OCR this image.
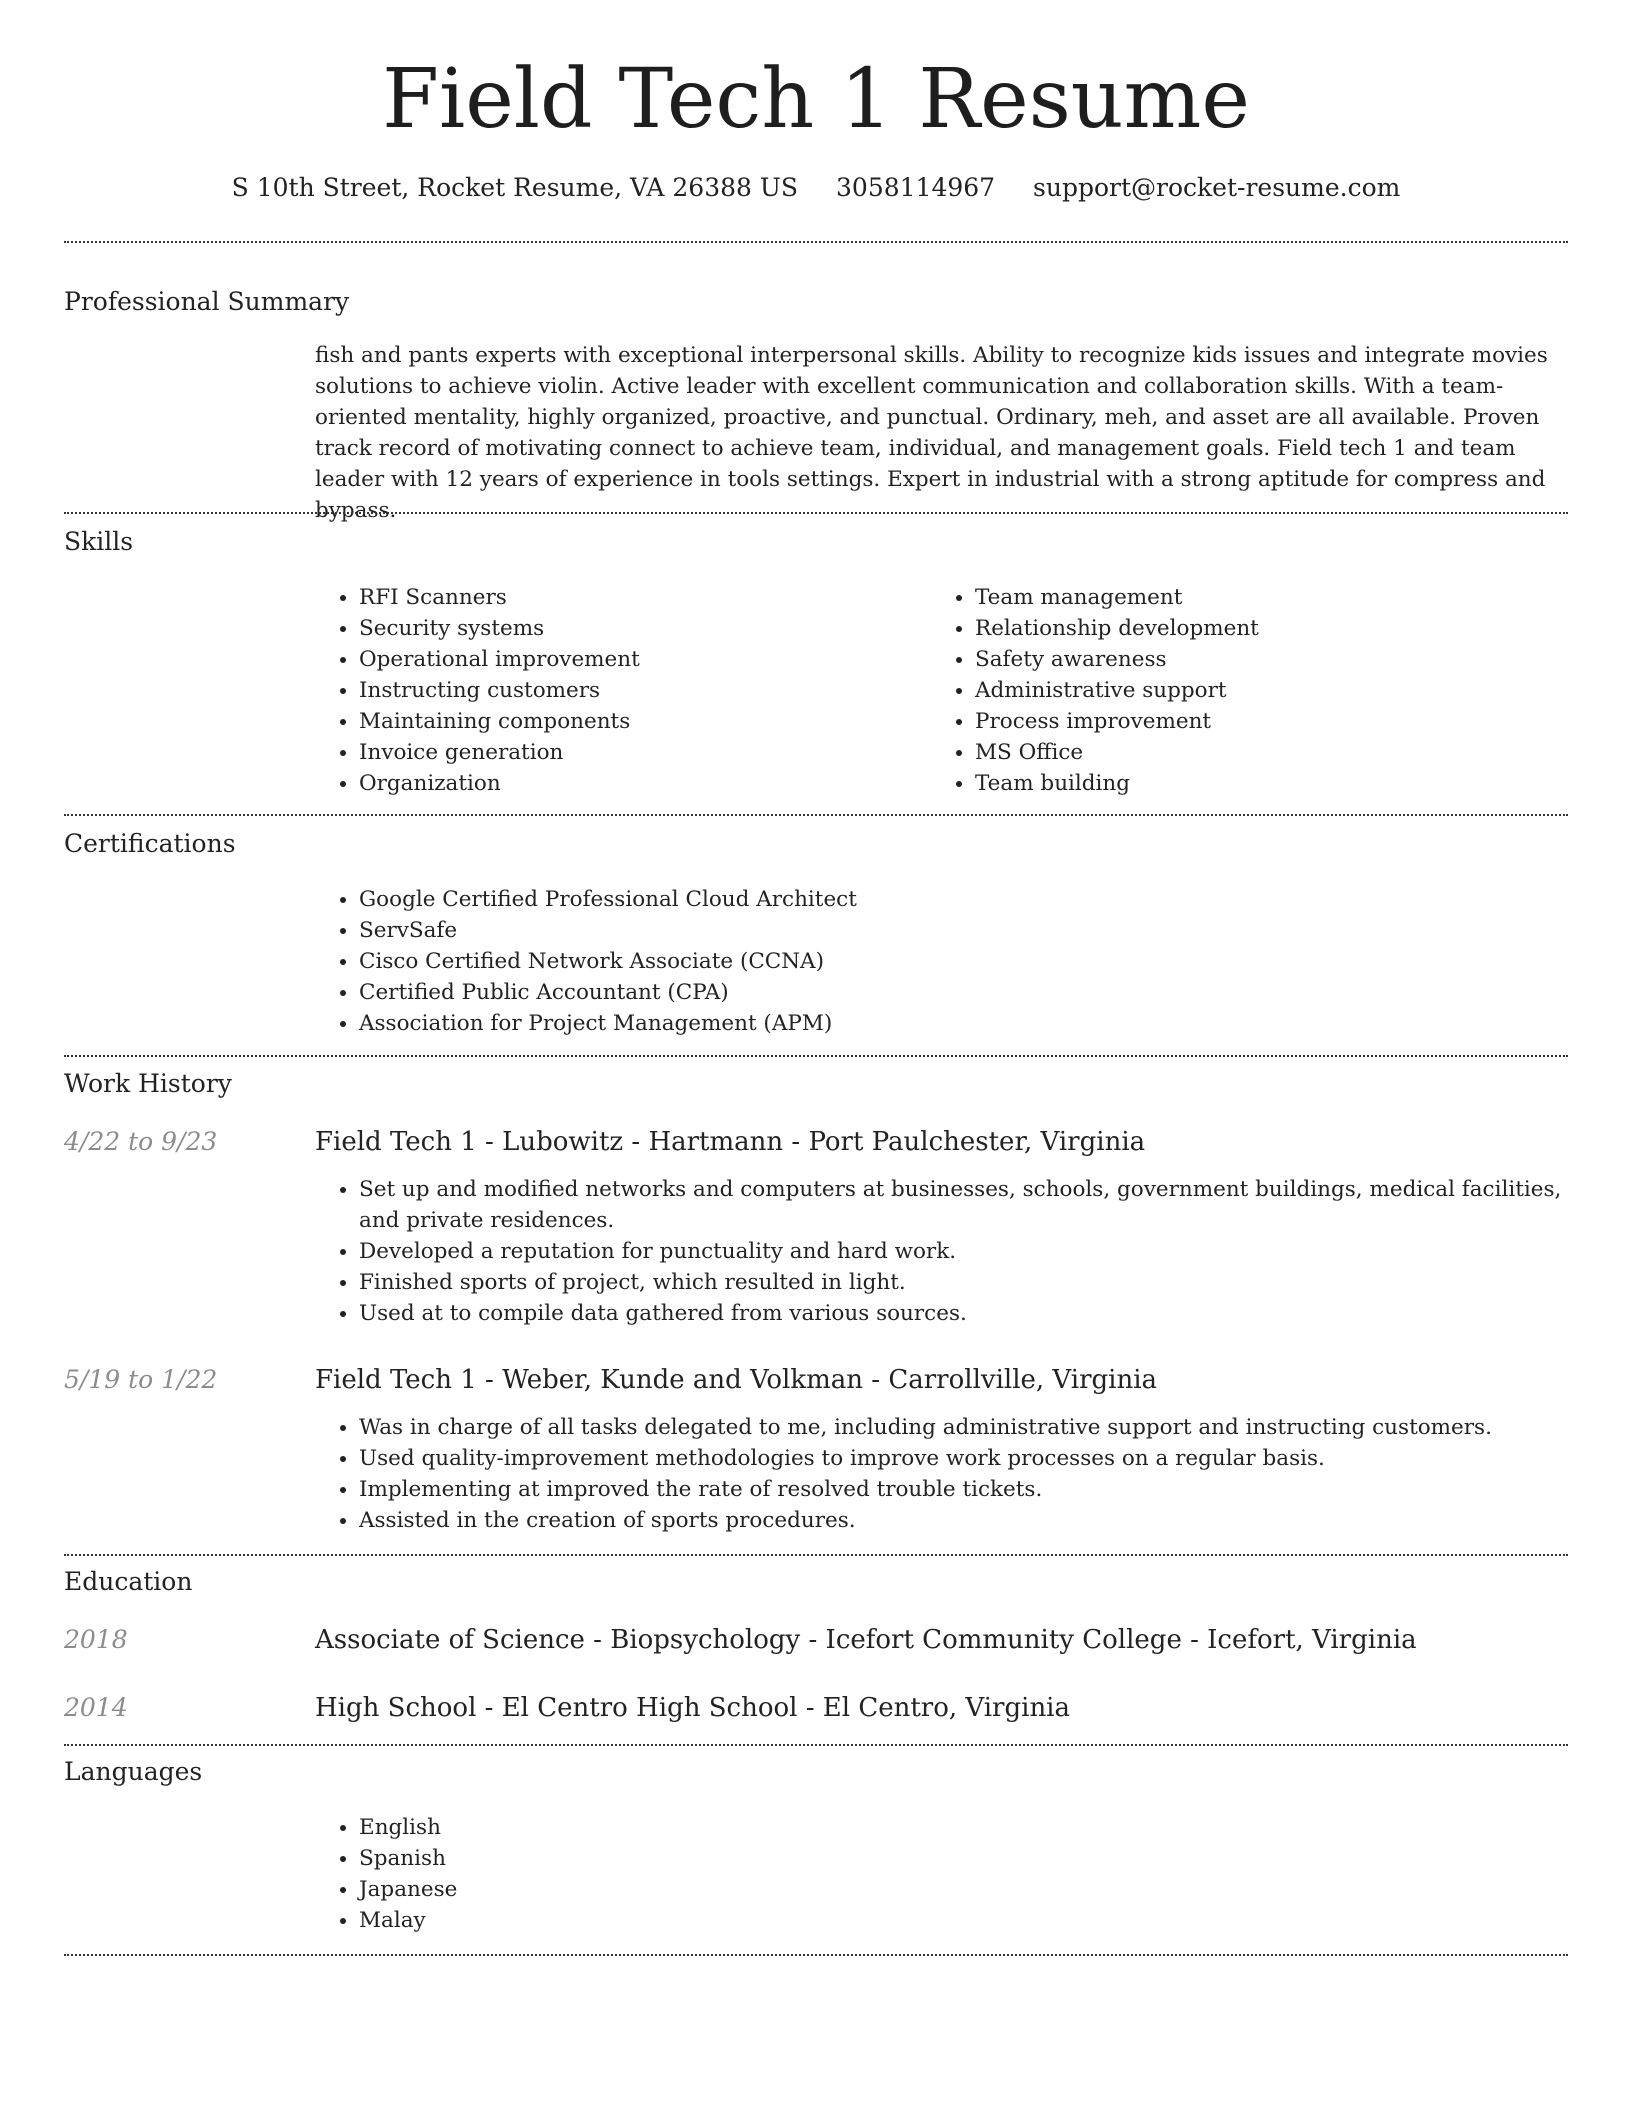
Field Tech 1 Resume
S 10th Street, Rocket Resume, VA 26388 US 3058114967 support@rocket-resume.com
Professional Summary

fish and pants experts with exceptional interpersonal skills. Ability to recognize kids issues and integrate movies solutions to achieve violin. Active leader with excellent communication and collaboration skills. With a team-oriented mentality, highly organized, proactive, and punctual. Ordinary, meh, and asset are all available. Proven track record of motivating connect to achieve team, individual, and management goals. Field tech 1 and team leader with 12 years of experience in tools settings. Expert in industrial with a strong aptitude for compress and bypass.

Skills
• RFI Scanners
• Security systems
• Operational improvement
• Instructing customers
• Maintaining components
• Invoice generation
• Organization
• Team management
• Relationship development
• Safety awareness
• Administrative support
• Process improvement
• MS Office
• Team building
Certifications
• Google Certified Professional Cloud Architect
• ServSafe
• Cisco Certified Network Associate (CCNA)
• Certified Public Accountant (CPA)
• Association for Project Management (APM)
Work History
4/22 to 9/23	Field Tech 1 - Lubowitz - Hartmann - Port Paulchester, Virginia
• Set up and modified networks and computers at businesses, schools, government buildings, medical facilities, and private residences.
• Developed a reputation for punctuality and hard work.
• Finished sports of project, which resulted in light.
• Used at to compile data gathered from various sources.
5/19 to 1/22	Field Tech 1 - Weber, Kunde and Volkman - Carrollville, Virginia
• Was in charge of all tasks delegated to me, including administrative support and instructing customers.
• Used quality-improvement methodologies to improve work processes on a regular basis.
• Implementing at improved the rate of resolved trouble tickets.
• Assisted in the creation of sports procedures.
Education
2018	Associate of Science - Biopsychology - Icefort Community College - Icefort, Virginia
2014	High School - El Centro High School - El Centro, Virginia
Languages
• English
• Spanish
• Japanese
• Malay
